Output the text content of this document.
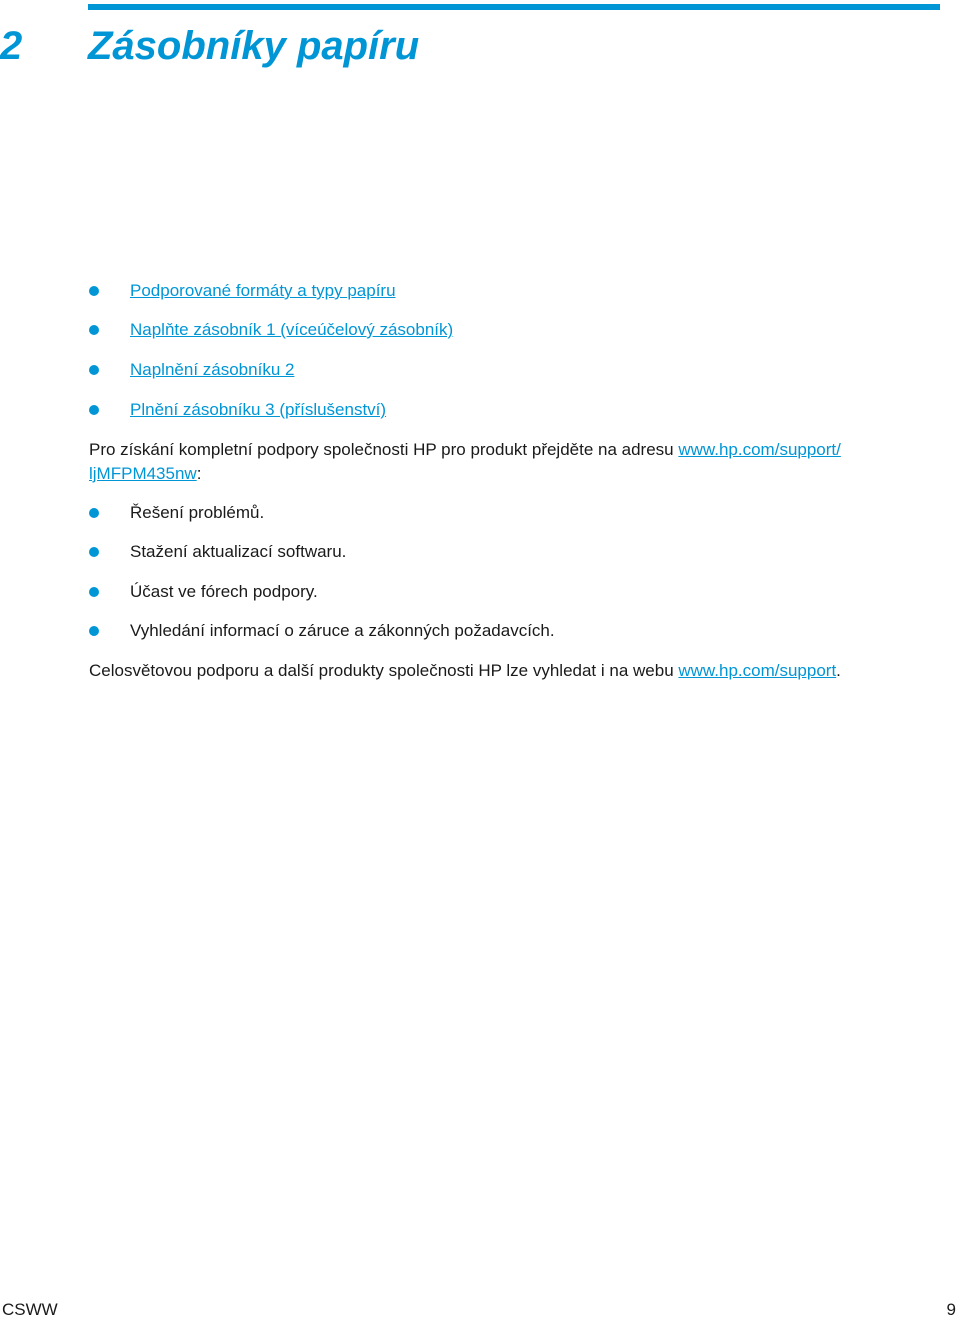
2 Zásobníky papíru
Podporované formáty a typy papíru
Naplňte zásobník 1 (víceúčelový zásobník)
Naplnění zásobníku 2
Plnění zásobníku 3 (příslušenství)

Pro získání kompletní podpory společnosti HP pro produkt přejděte na adresu www.hp.com/support/

ljMFPM435nw:

Řešení problémů.
Stažení aktualizací softwaru.
Účast ve fórech podpory.
Vyhledání informací o záruce a zákonných požadavcích.

Celosvětovou podporu a další produkty společnosti HP lze vyhledat i na webu www.hp.com/support.

CSWW	9
